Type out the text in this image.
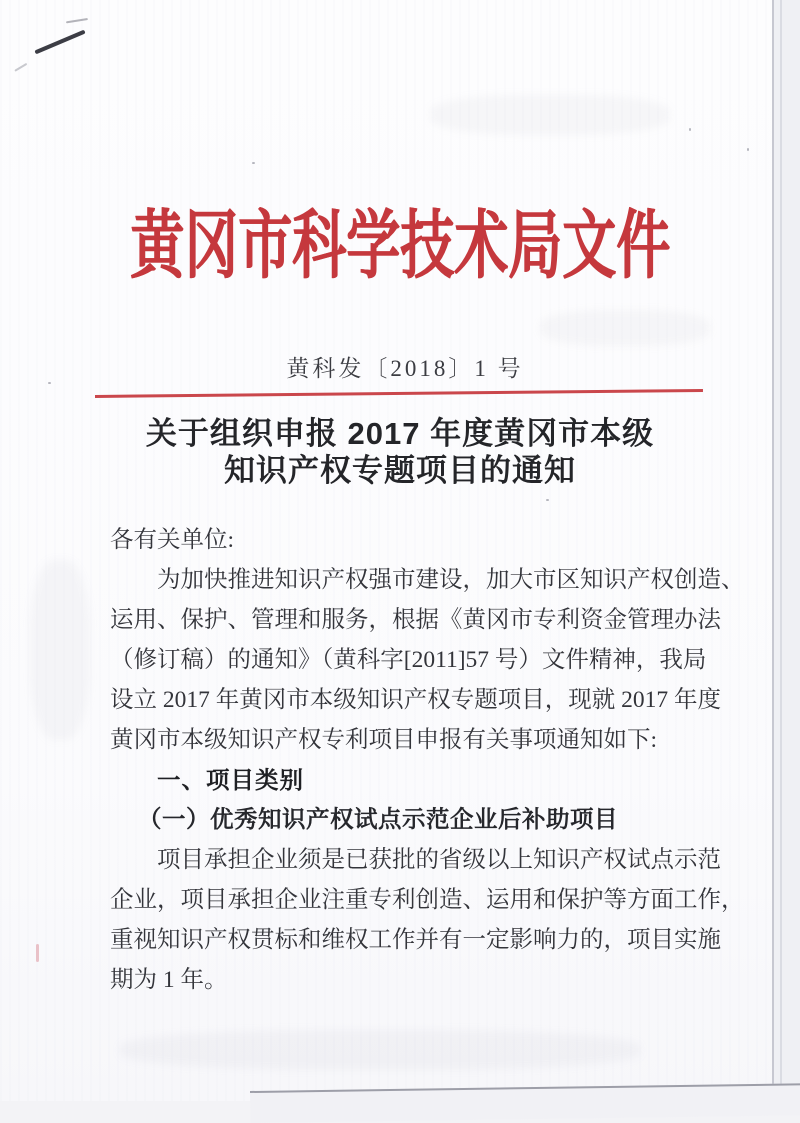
黄冈市科学技术局文件
黄科发〔2018〕1 号
关于组织申报 2017 年度黄冈市本级
知识产权专题项目的通知
各有关单位:
为加快推进知识产权强市建设，加大市区知识产权创造、
运用、保护、管理和服务，根据《黄冈市专利资金管理办法
（修订稿）的通知》（黄科字[2011]57 号）文件精神，我局
设立 2017 年黄冈市本级知识产权专题项目，现就 2017 年度
黄冈市本级知识产权专利项目申报有关事项通知如下:
一、项目类别
（一）优秀知识产权试点示范企业后补助项目
项目承担企业须是已获批的省级以上知识产权试点示范
企业，项目承担企业注重专利创造、运用和保护等方面工作，
重视知识产权贯标和维权工作并有一定影响力的，项目实施
期为 1 年。
